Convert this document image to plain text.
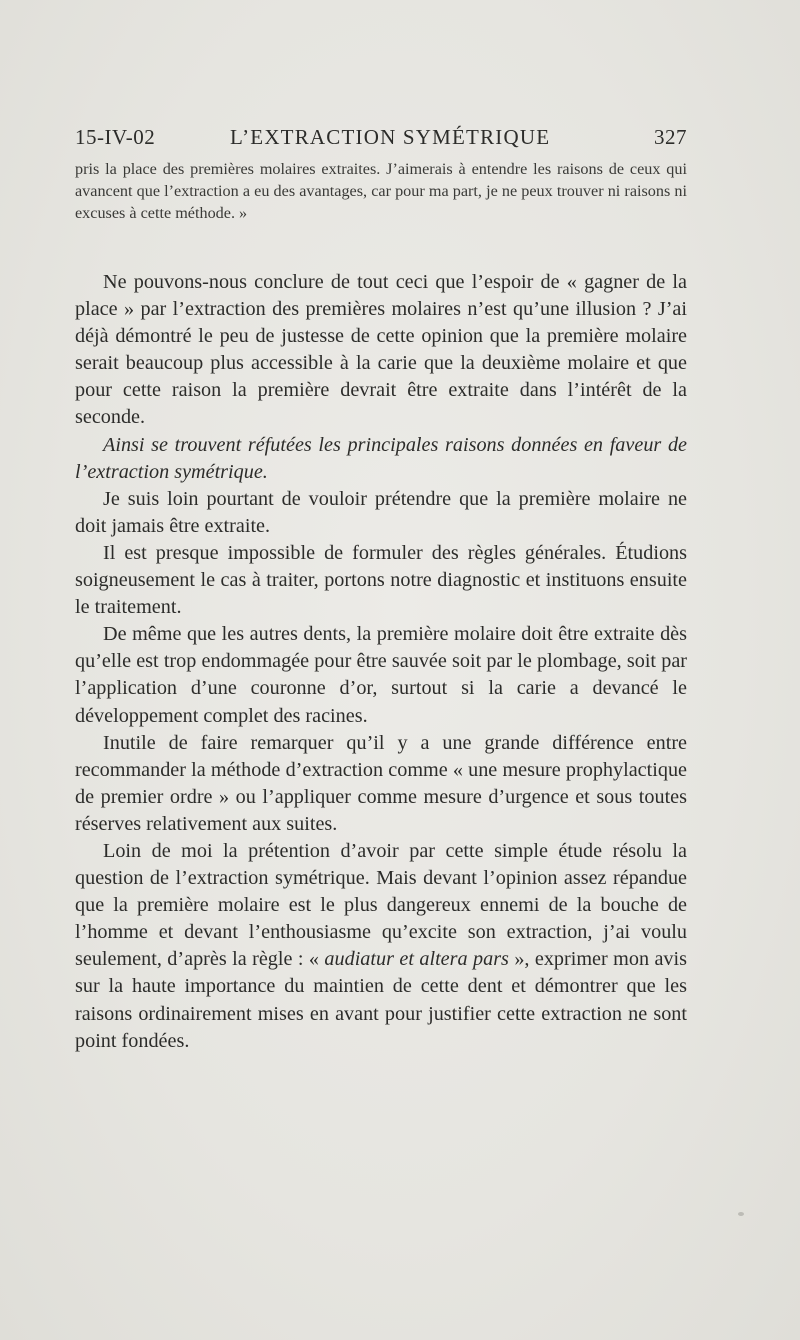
15-IV-02	L’EXTRACTION SYMÉTRIQUE	327

pris la place des premières molaires extraites. J’aimerais à entendre les raisons de ceux qui avancent que l’extraction a eu des avantages, car pour ma part, je ne peux trouver ni raisons ni excuses à cette méthode. »

Ne pouvons-nous conclure de tout ceci que l’espoir de « gagner de la place » par l’extraction des premières molaires n’est qu’une illusion ? J’ai déjà démontré le peu de justesse de cette opinion que la première molaire serait beaucoup plus accessible à la carie que la deuxième molaire et que pour cette raison la première devrait être extraite dans l’intérêt de la seconde.

Ainsi se trouvent réfutées les principales raisons données en faveur de l’extraction symétrique.

Je suis loin pourtant de vouloir prétendre que la première molaire ne doit jamais être extraite.

Il est presque impossible de formuler des règles générales. Étudions soigneusement le cas à traiter, portons notre diagnostic et instituons ensuite le traitement.

De même que les autres dents, la première molaire doit être extraite dès qu’elle est trop endommagée pour être sauvée soit par le plombage, soit par l’application d’une couronne d’or, surtout si la carie a devancé le développement complet des racines.

Inutile de faire remarquer qu’il y a une grande différence entre recommander la méthode d’extraction comme « une mesure prophylactique de premier ordre » ou l’appliquer comme mesure d’urgence et sous toutes réserves relativement aux suites.

Loin de moi la prétention d’avoir par cette simple étude résolu la question de l’extraction symétrique. Mais devant l’opinion assez répandue que la première molaire est le plus dangereux ennemi de la bouche de l’homme et devant l’enthousiasme qu’excite son extraction, j’ai voulu seulement, d’après la règle : « audiatur et altera pars », exprimer mon avis sur la haute importance du maintien de cette dent et démontrer que les raisons ordinairement mises en avant pour justifier cette extraction ne sont point fondées.
